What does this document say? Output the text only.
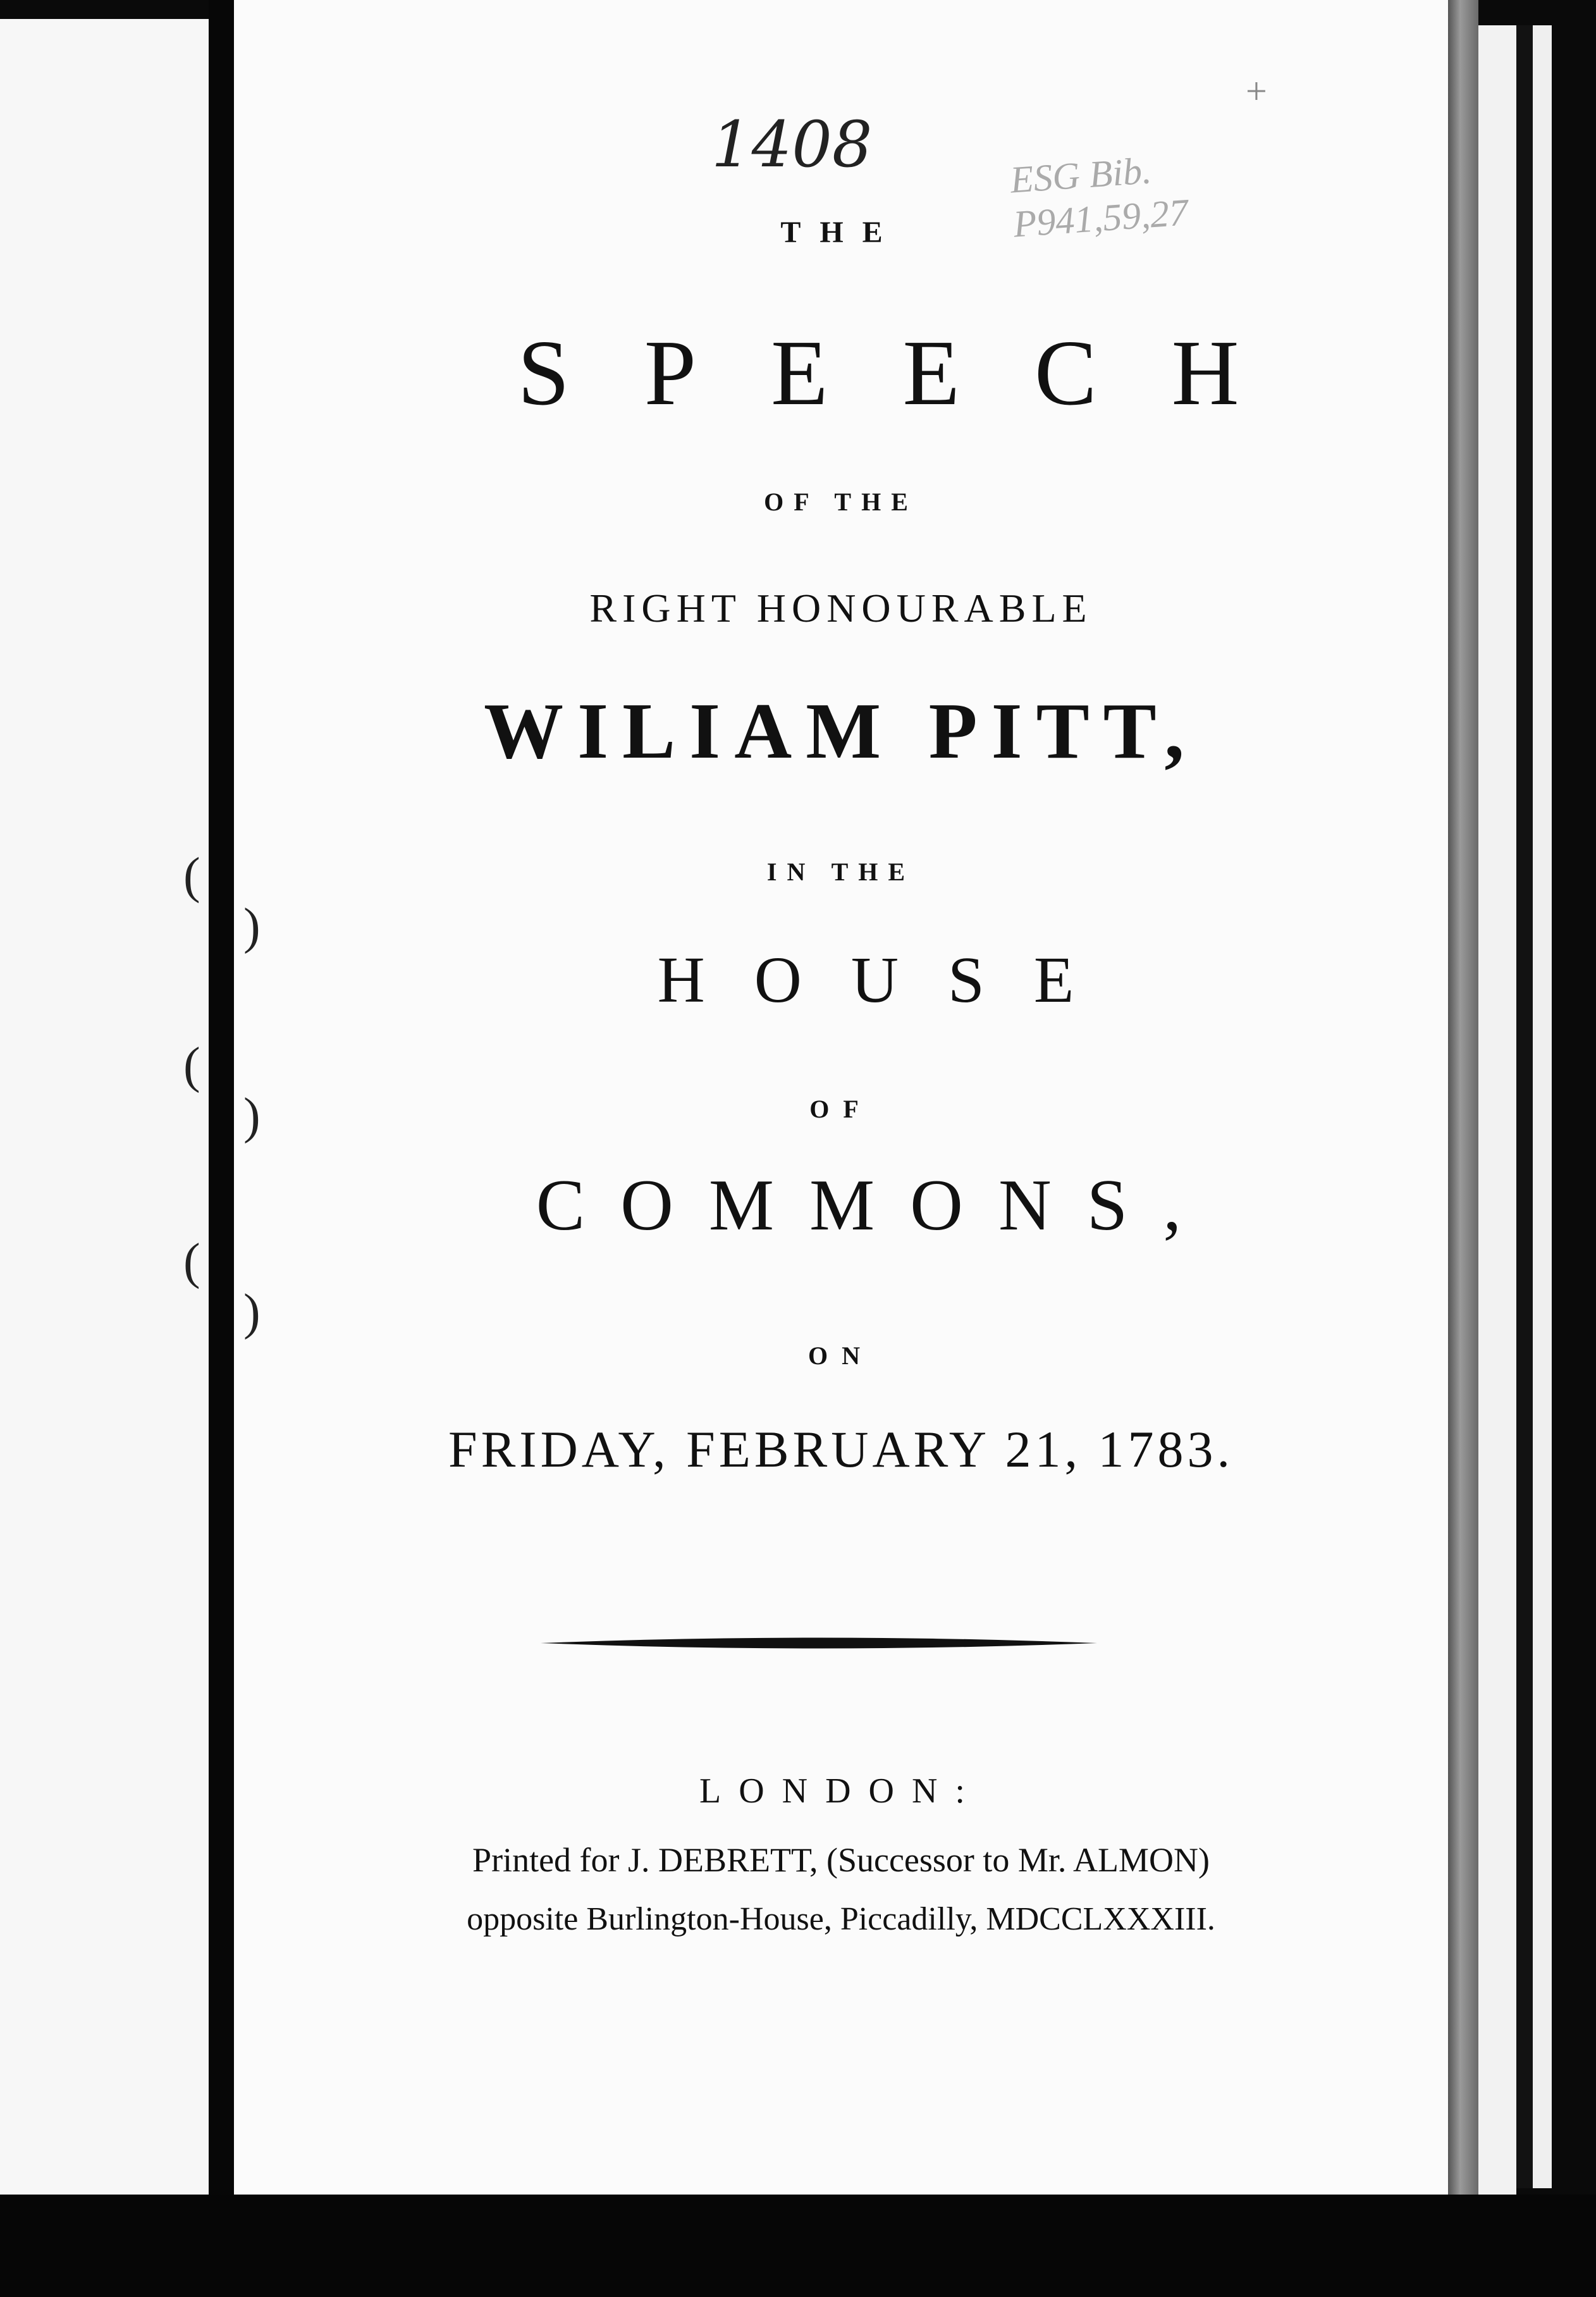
(

)

(

)

(

)

1408	ESG Bib.
P941,59,27

+

THE

SPEECH

OF THE

RIGHT HONOURABLE

WILIAM PITT,

IN THE

HOUSE

OF

COMMONS,

ON

FRIDAY, FEBRUARY 21, 1783.

LONDON:

Printed for J. DEBRETT, (Successor to Mr. ALMON)

opposite Burlington-House, Piccadilly, MDCCLXXXIII.
